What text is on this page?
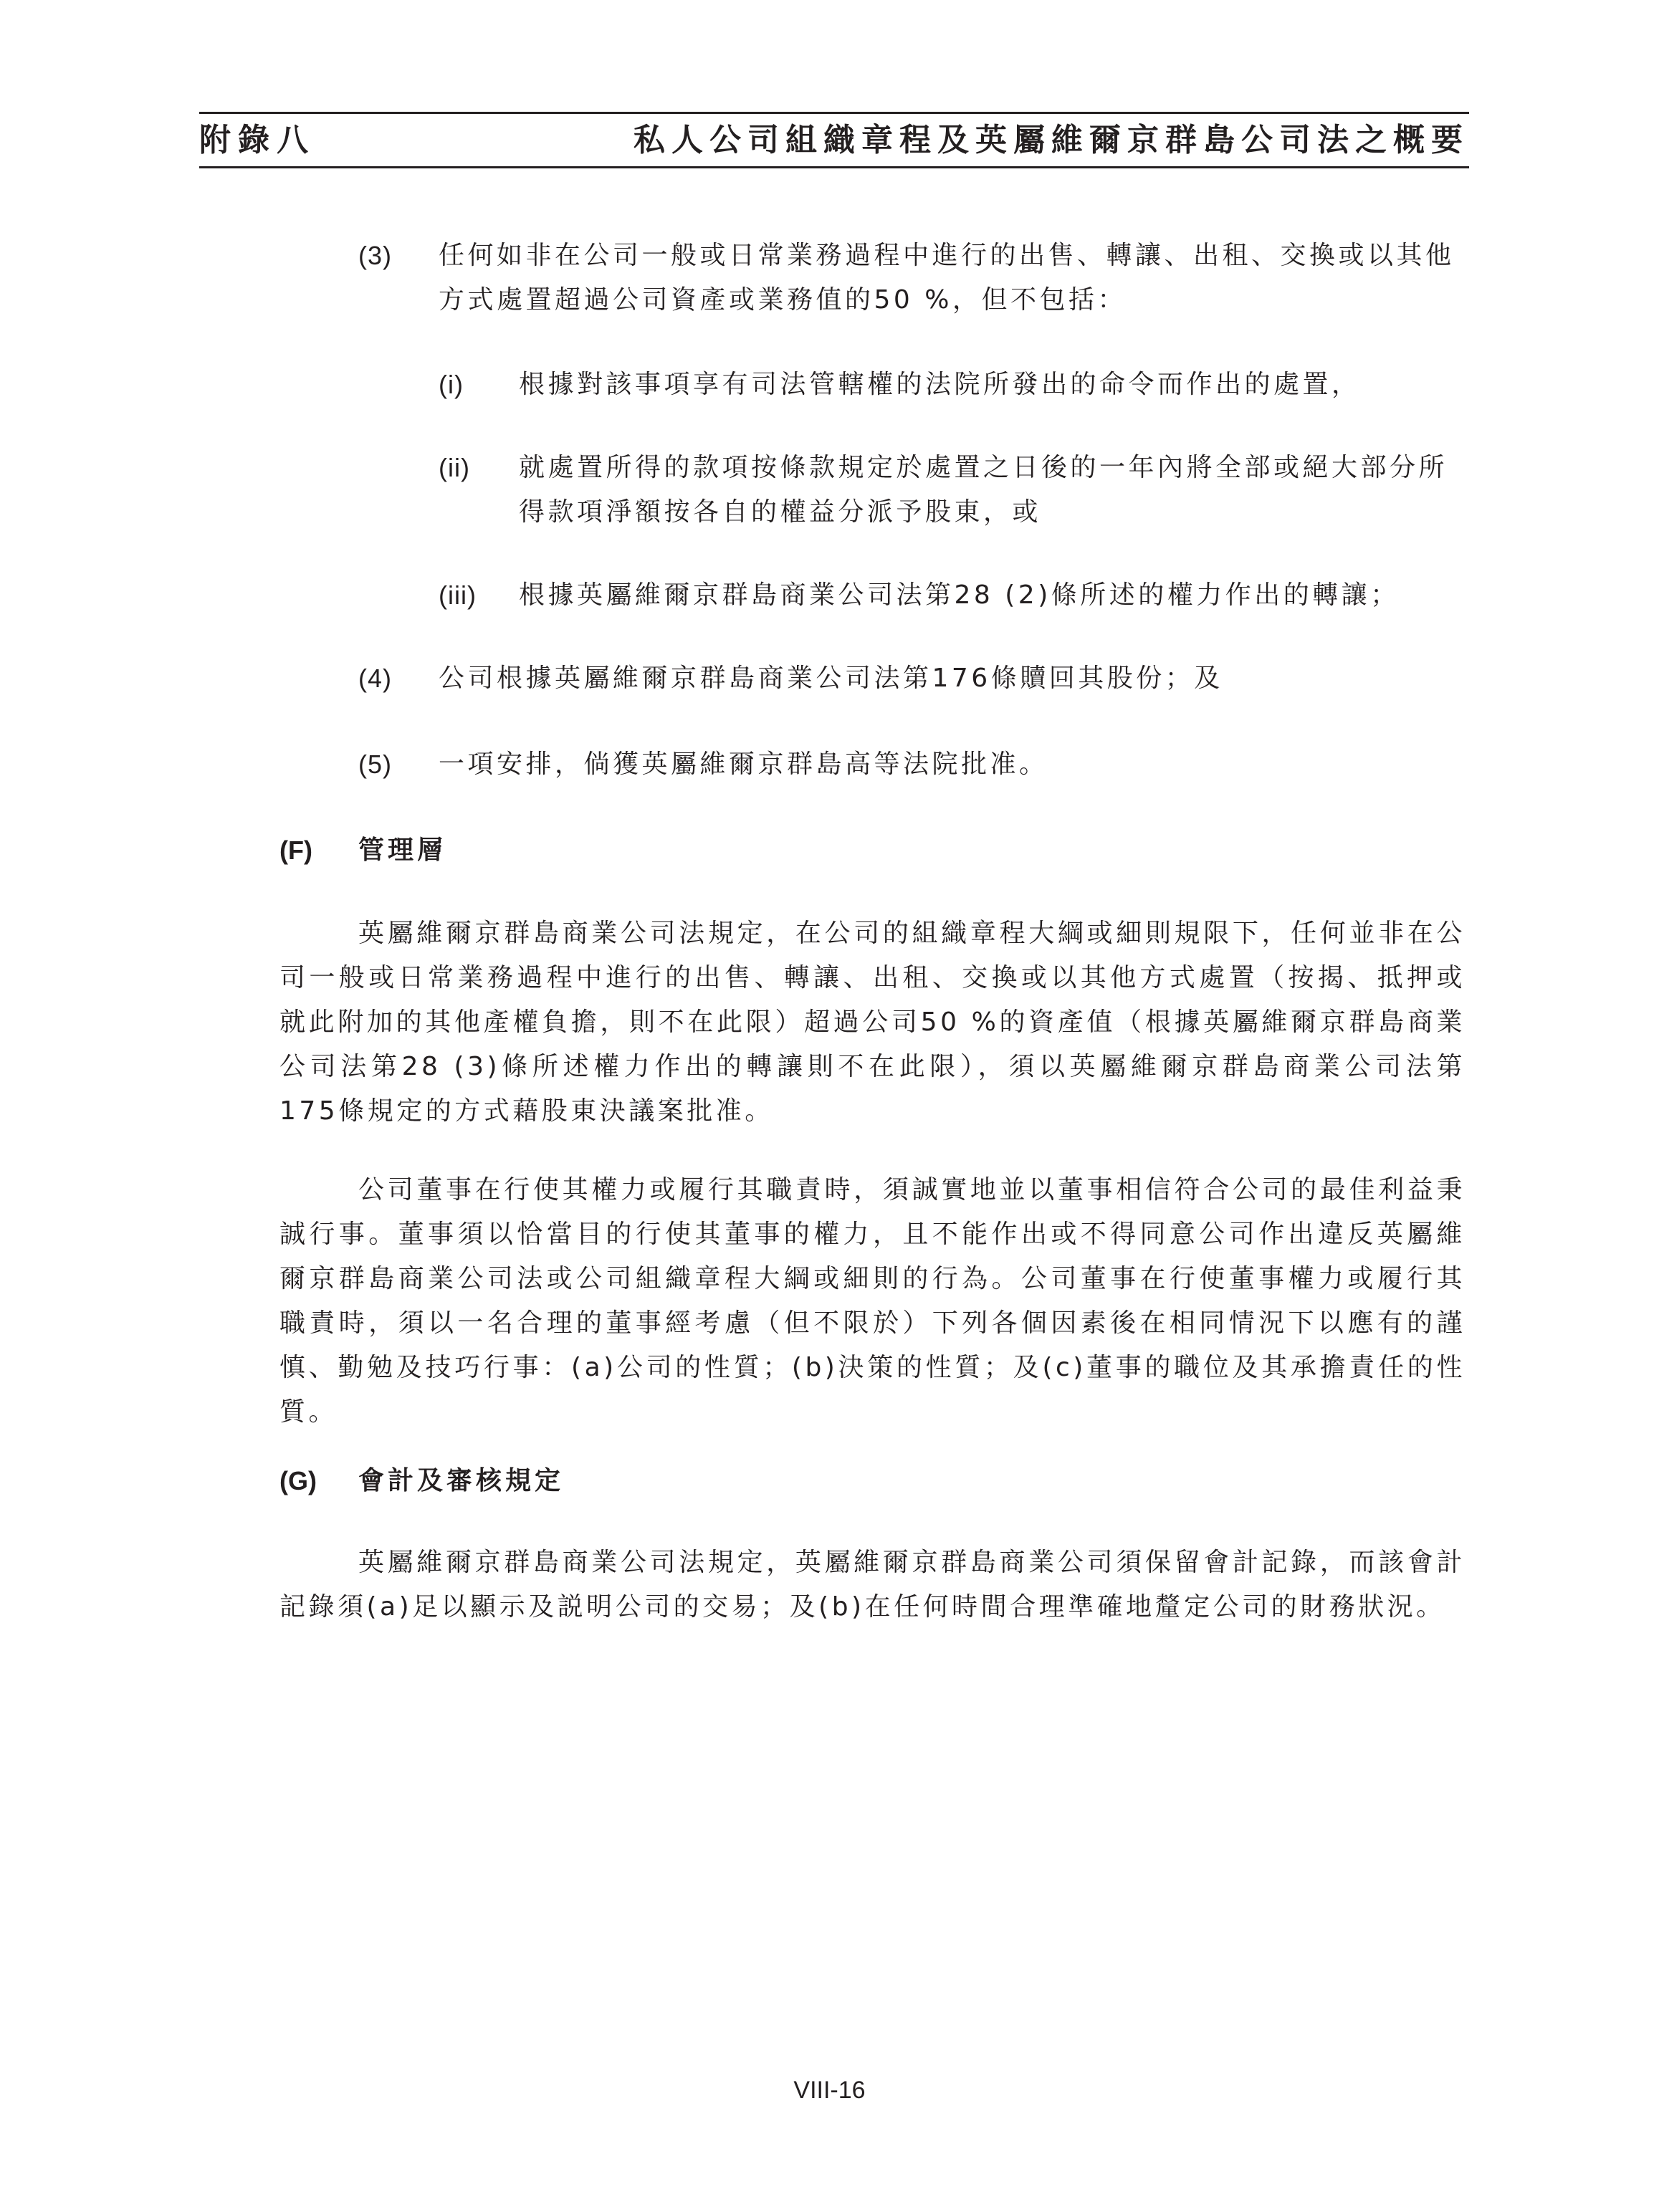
附錄八	私人公司組織章程及英屬維爾京群島公司法之概要
(3) 任何如非在公司一般或日常業務過程中進行的出售、轉讓、出租、交換或以其他方式處置超過公司資產或業務值的50 %，但不包括：
(i) 根據對該事項享有司法管轄權的法院所發出的命令而作出的處置，
(ii) 就處置所得的款項按條款規定於處置之日後的一年內將全部或絕大部分所得款項淨額按各自的權益分派予股東，或
(iii) 根據英屬維爾京群島商業公司法第28 (2)條所述的權力作出的轉讓；
(4) 公司根據英屬維爾京群島商業公司法第176條贖回其股份；及
(5) 一項安排，倘獲英屬維爾京群島高等法院批准。
(F) 管理層
英屬維爾京群島商業公司法規定，在公司的組織章程大綱或細則規限下，任何並非在公司一般或日常業務過程中進行的出售、轉讓、出租、交換或以其他方式處置（按揭、抵押或就此附加的其他產權負擔，則不在此限）超過公司50 %的資產值（根據英屬維爾京群島商業公司法第28 (3)條所述權力作出的轉讓則不在此限），須以英屬維爾京群島商業公司法第175條規定的方式藉股東決議案批准。
公司董事在行使其權力或履行其職責時，須誠實地並以董事相信符合公司的最佳利益秉誠行事。董事須以恰當目的行使其董事的權力，且不能作出或不得同意公司作出違反英屬維爾京群島商業公司法或公司組織章程大綱或細則的行為。公司董事在行使董事權力或履行其職責時，須以一名合理的董事經考慮（但不限於）下列各個因素後在相同情況下以應有的謹慎、勤勉及技巧行事：(a)公司的性質；(b)決策的性質；及(c)董事的職位及其承擔責任的性質。
(G) 會計及審核規定
英屬維爾京群島商業公司法規定，英屬維爾京群島商業公司須保留會計記錄，而該會計記錄須(a)足以顯示及説明公司的交易；及(b)在任何時間合理準確地釐定公司的財務狀況。
VIII-16
